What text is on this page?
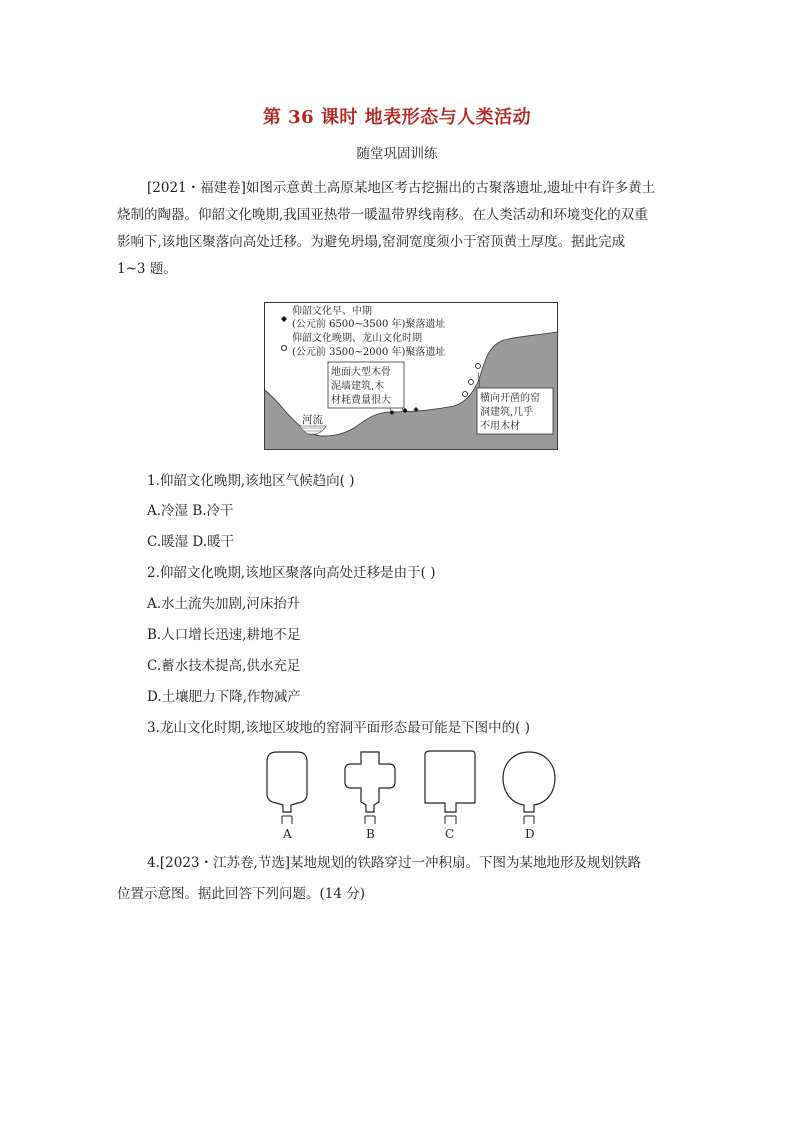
第 36 课时 地表形态与人类活动
随堂巩固训练
[2021・福建卷]如图示意黄土高原某地区考古挖掘出的古聚落遗址,遗址中有许多黄土
烧制的陶器。仰韶文化晚期,我国亚热带一暖温带界线南移。在人类活动和环境变化的双重
影响下,该地区聚落向高处迁移。为避免坍塌,窑洞宽度须小于窑顶黄土厚度。据此完成
1~3 题。
河流
仰韶文化早、中期
(公元前 6500~3500 年)聚落遗址
仰韶文化晚期、龙山文化时期
(公元前 3500~2000 年)聚落遗址
地面大型木骨
泥墙建筑,木
材耗费量很大	横向开凿的窑
洞建筑,几乎
不用木材
1.仰韶文化晚期,该地区气候趋向( )
A.冷湿 B.冷干
C.暖湿 D.暖干
2.仰韶文化晚期,该地区聚落向高处迁移是由于( )
A.水土流失加剧,河床抬升
B.人口增长迅速,耕地不足
C.蓄水技术提高,供水充足
D.土壤肥力下降,作物减产
3.龙山文化时期,该地区坡地的窑洞平面形态最可能是下图中的( )
A	B	C	D
4.[2023・江苏卷,节选]某地规划的铁路穿过一冲积扇。下图为某地地形及规划铁路
位置示意图。据此回答下列问题。(14 分)
